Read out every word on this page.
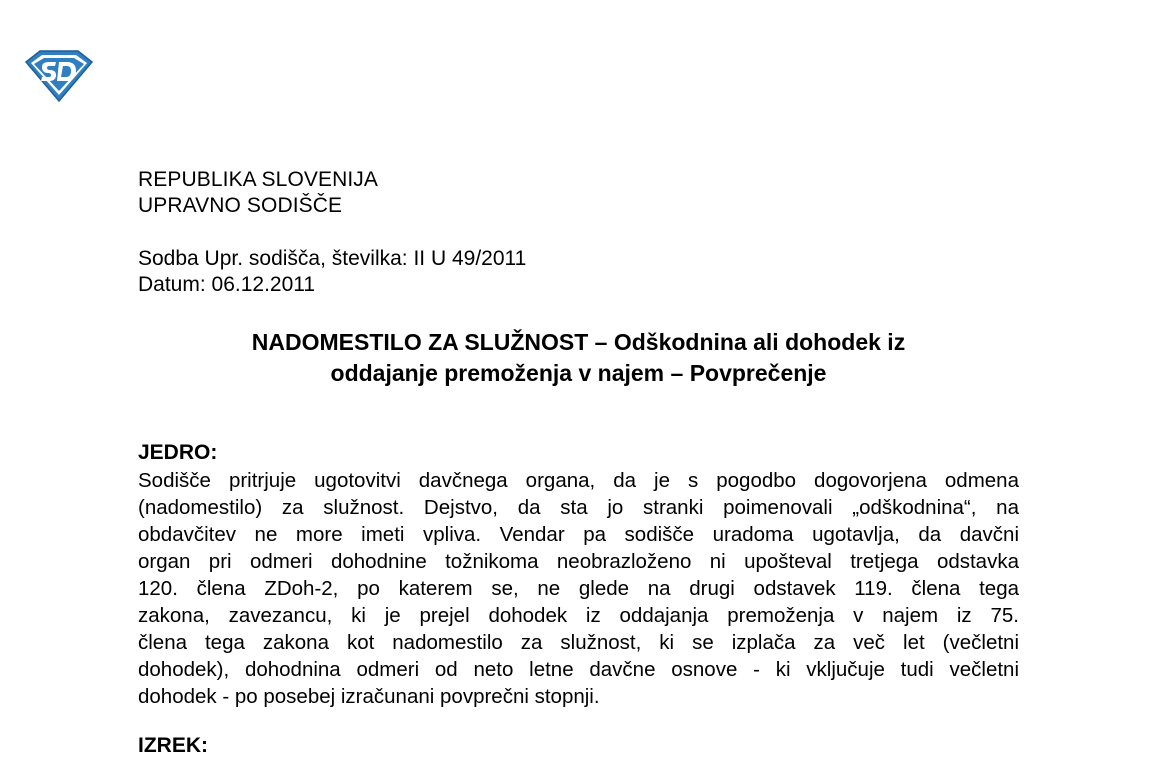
REPUBLIKA SLOVENIJA
UPRAVNO SODIŠČE
Sodba Upr. sodišča, številka: II U 49/2011
Datum: 06.12.2011
NADOMESTILO ZA SLUŽNOST – Odškodnina ali dohodek iz
oddajanje premoženja v najem – Povprečenje
JEDRO:
Sodišče pritrjuje ugotovitvi davčnega organa, da je s pogodbo dogovorjena odmena
(nadomestilo) za služnost. Dejstvo, da sta jo stranki poimenovali „odškodnina“, na
obdavčitev ne more imeti vpliva. Vendar pa sodišče uradoma ugotavlja, da davčni
organ pri odmeri dohodnine tožnikoma neobrazloženo ni upošteval tretjega odstavka
120. člena ZDoh-2, po katerem se, ne glede na drugi odstavek 119. člena tega
zakona, zavezancu, ki je prejel dohodek iz oddajanja premoženja v najem iz 75.
člena tega zakona kot nadomestilo za služnost, ki se izplača za več let (večletni
dohodek), dohodnina odmeri od neto letne davčne osnove - ki vključuje tudi večletni
dohodek - po posebej izračunani povprečni stopnji.
IZREK:
